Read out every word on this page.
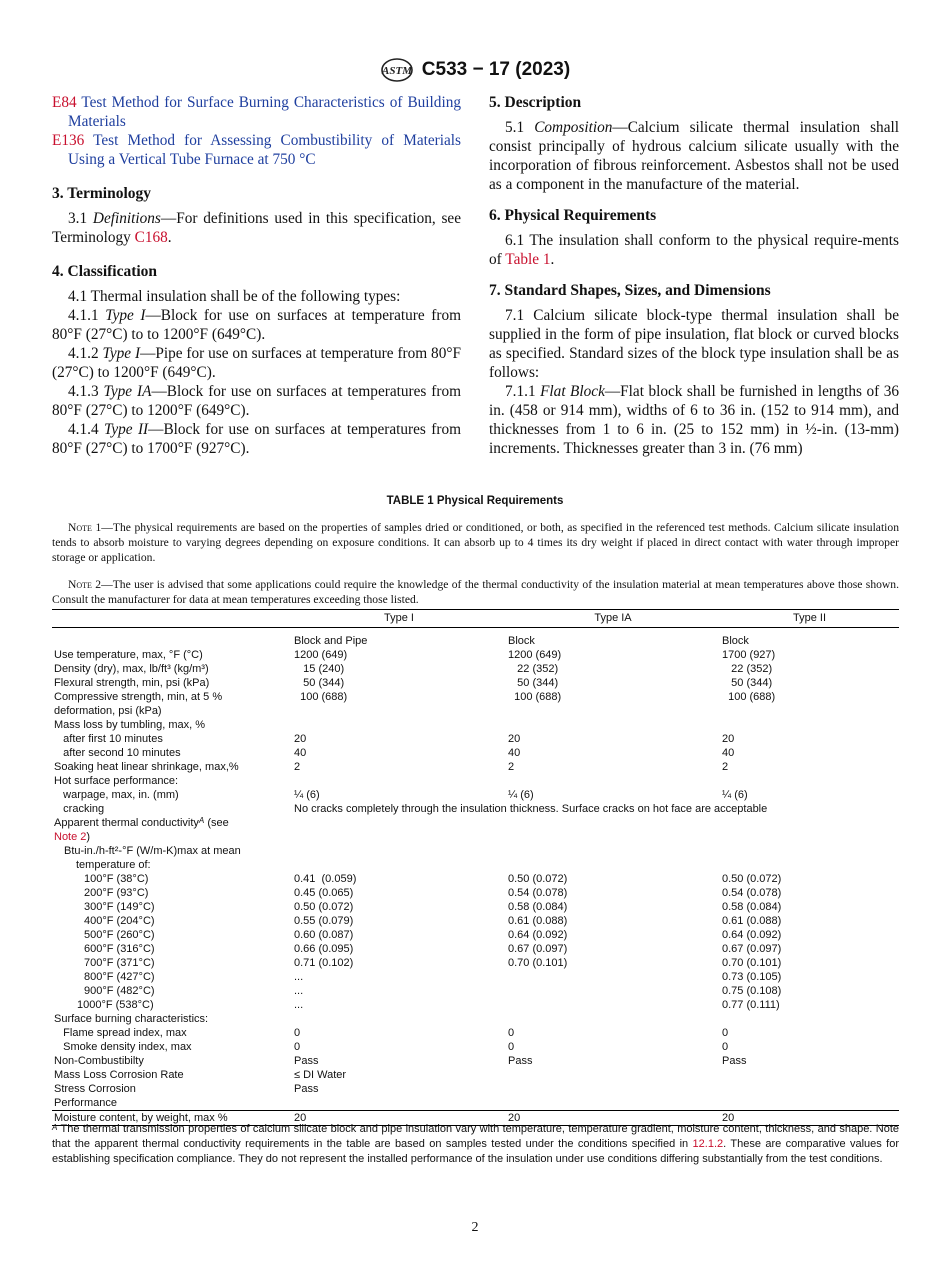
ASTM C533 − 17 (2023)

E84 Test Method for Surface Burning Characteristics of Building Materials

E136 Test Method for Assessing Combustibility of Materials Using a Vertical Tube Furnace at 750 °C

3. Terminology

3.1 Definitions—For definitions used in this specification, see Terminology C168.

4. Classification

4.1 Thermal insulation shall be of the following types:

4.1.1 Type I—Block for use on surfaces at temperature from 80°F (27°C) to to 1200°F (649°C).

4.1.2 Type I—Pipe for use on surfaces at temperature from 80°F (27°C) to 1200°F (649°C).

4.1.3 Type IA—Block for use on surfaces at temperatures from 80°F (27°C) to 1200°F (649°C).

4.1.4 Type II—Block for use on surfaces at temperatures from 80°F (27°C) to 1700°F (927°C).

5. Description

5.1 Composition—Calcium silicate thermal insulation shall consist principally of hydrous calcium silicate usually with the incorporation of fibrous reinforcement. Asbestos shall not be used as a component in the manufacture of the material.

6. Physical Requirements

6.1 The insulation shall conform to the physical require-ments of Table 1.

7. Standard Shapes, Sizes, and Dimensions

7.1 Calcium silicate block-type thermal insulation shall be supplied in the form of pipe insulation, flat block or curved blocks as specified. Standard sizes of the block type insulation shall be as follows:

7.1.1 Flat Block—Flat block shall be furnished in lengths of 36 in. (458 or 914 mm), widths of 6 to 36 in. (152 to 914 mm), and thicknesses from 1 to 6 in. (25 to 152 mm) in ½-in. (13-mm) increments. Thicknesses greater than 3 in. (76 mm)

TABLE 1 Physical Requirements

Note 1—The physical requirements are based on the properties of samples dried or conditioned, or both, as specified in the referenced test methods. Calcium silicate insulation tends to absorb moisture to varying degrees depending on exposure conditions. It can absorb up to 4 times its dry weight if placed in direct contact with water through improper storage or application.

Note 2—The user is advised that some applications could require the knowledge of the thermal conductivity of the insulation material at mean temperatures above those shown. Consult the manufacturer for data at mean temperatures exceeding those listed.

	Type I	Type IA	Type II

	Block and Pipe	Block	Block
Use temperature, max, °F (°C)	1200 (649)	1200 (649)	1700 (927)
Density (dry), max, lb/ft³ (kg/m³)	15 (240)	22 (352)	22 (352)
Flexural strength, min, psi (kPa)	50 (344)	50 (344)	50 (344)
Compressive strength, min, at 5 %	100 (688)	100 (688)	100 (688)
deformation, psi (kPa)			
Mass loss by tumbling, max, %			
after first 10 minutes	20	20	20
after second 10 minutes	40	40	40
Soaking heat linear shrinkage, max,%	2	2	2
Hot surface performance:			
warpage, max, in. (mm)	¼ (6)	¼ (6)	¼ (6)
cracking	No cracks completely through the insulation thickness. Surface cracks on hot face are acceptable		
Apparent thermal conductivity$^A$ (see			
Note 2)			
Btu-in./h-ft²-°F (W/m-K)max at mean			
temperature of:			
100°F (38°C)	0.41  (0.059)	0.50 (0.072)	0.50 (0.072)
200°F (93°C)	0.45 (0.065)	0.54 (0.078)	0.54 (0.078)
300°F (149°C)	0.50 (0.072)	0.58 (0.084)	0.58 (0.084)
400°F (204°C)	0.55 (0.079)	0.61 (0.088)	0.61 (0.088)
500°F (260°C)	0.60 (0.087)	0.64 (0.092)	0.64 (0.092)
600°F (316°C)	0.66 (0.095)	0.67 (0.097)	0.67 (0.097)
700°F (371°C)	0.71 (0.102)	0.70 (0.101)	0.70 (0.101)
800°F (427°C)	...		0.73 (0.105)
900°F (482°C)	...		0.75 (0.108)
1000°F (538°C)	...		0.77 (0.111)
Surface burning characteristics:			
Flame spread index, max	0	0	0
Smoke density index, max	0	0	0
Non-Combustibilty	Pass	Pass	Pass
Mass Loss Corrosion Rate	≤ DI Water		
Stress Corrosion	Pass		
Performance			
Moisture content, by weight, max %	20	20	20

$^A$ The thermal transmission properties of calcium silicate block and pipe insulation vary with temperature, temperature gradient, moisture content, thickness, and shape. Note that the apparent thermal conductivity requirements in the table are based on samples tested under the conditions specified in 12.1.2. These are comparative values for establishing specification compliance. They do not represent the installed performance of the insulation under use conditions differing substantially from the test conditions.

2
